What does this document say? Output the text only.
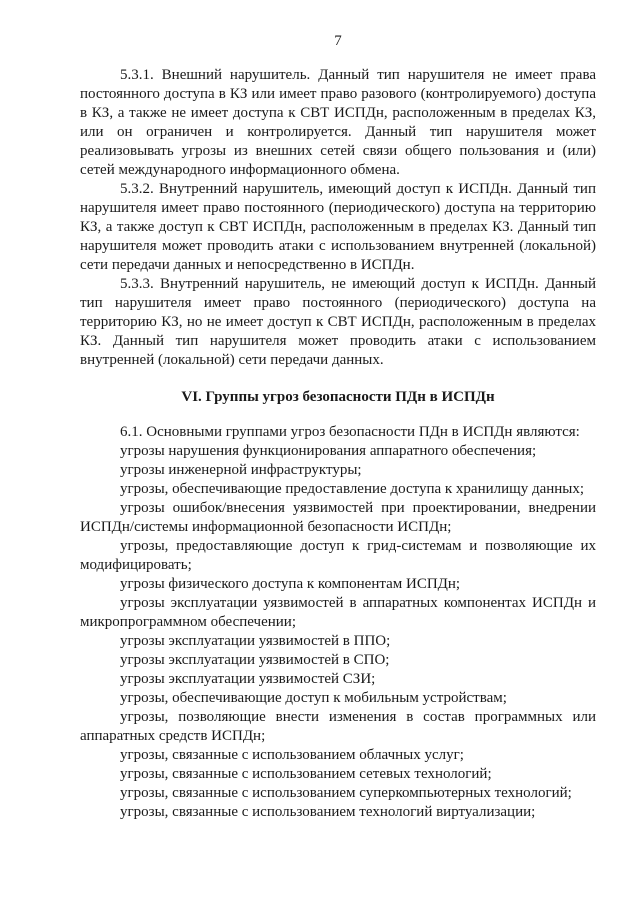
7

5.3.1. Внешний нарушитель. Данный тип нарушителя не имеет права постоянного доступа в КЗ или имеет право разового (контролируемого) доступа в КЗ, а также не имеет доступа к СВТ ИСПДн, расположенным в пределах КЗ, или он ограничен и контролируется. Данный тип нарушителя может реализовывать угрозы из внешних сетей связи общего пользования и (или) сетей международного информационного обмена.

5.3.2. Внутренний нарушитель, имеющий доступ к ИСПДн. Данный тип нарушителя имеет право постоянного (периодического) доступа на территорию КЗ, а также доступ к СВТ ИСПДн, расположенным в пределах КЗ. Данный тип нарушителя может проводить атаки с использованием внутренней (локальной) сети передачи данных и непосредственно в ИСПДн.

5.3.3. Внутренний нарушитель, не имеющий доступ к ИСПДн. Данный тип нарушителя имеет право постоянного (периодического) доступа на территорию КЗ, но не имеет доступ к СВТ ИСПДн, расположенным в пределах КЗ. Данный тип нарушителя может проводить атаки с использованием внутренней (локальной) сети передачи данных.

VI. Группы угроз безопасности ПДн в ИСПДн

6.1. Основными группами угроз безопасности ПДн в ИСПДн являются:

угрозы нарушения функционирования аппаратного обеспечения;

угрозы инженерной инфраструктуры;

угрозы, обеспечивающие предоставление доступа к хранилищу данных;

угрозы ошибок/внесения уязвимостей при проектировании, внедрении ИСПДн/системы информационной безопасности ИСПДн;

угрозы, предоставляющие доступ к грид-системам и позволяющие их модифицировать;

угрозы физического доступа к компонентам ИСПДн;

угрозы эксплуатации уязвимостей в аппаратных компонентах ИСПДн и микропрограммном обеспечении;

угрозы эксплуатации уязвимостей в ППО;

угрозы эксплуатации уязвимостей в СПО;

угрозы эксплуатации уязвимостей СЗИ;

угрозы, обеспечивающие доступ к мобильным устройствам;

угрозы, позволяющие внести изменения в состав программных или аппаратных средств ИСПДн;

угрозы, связанные с использованием облачных услуг;

угрозы, связанные с использованием сетевых технологий;

угрозы, связанные с использованием суперкомпьютерных технологий;

угрозы, связанные с использованием технологий виртуализации;
